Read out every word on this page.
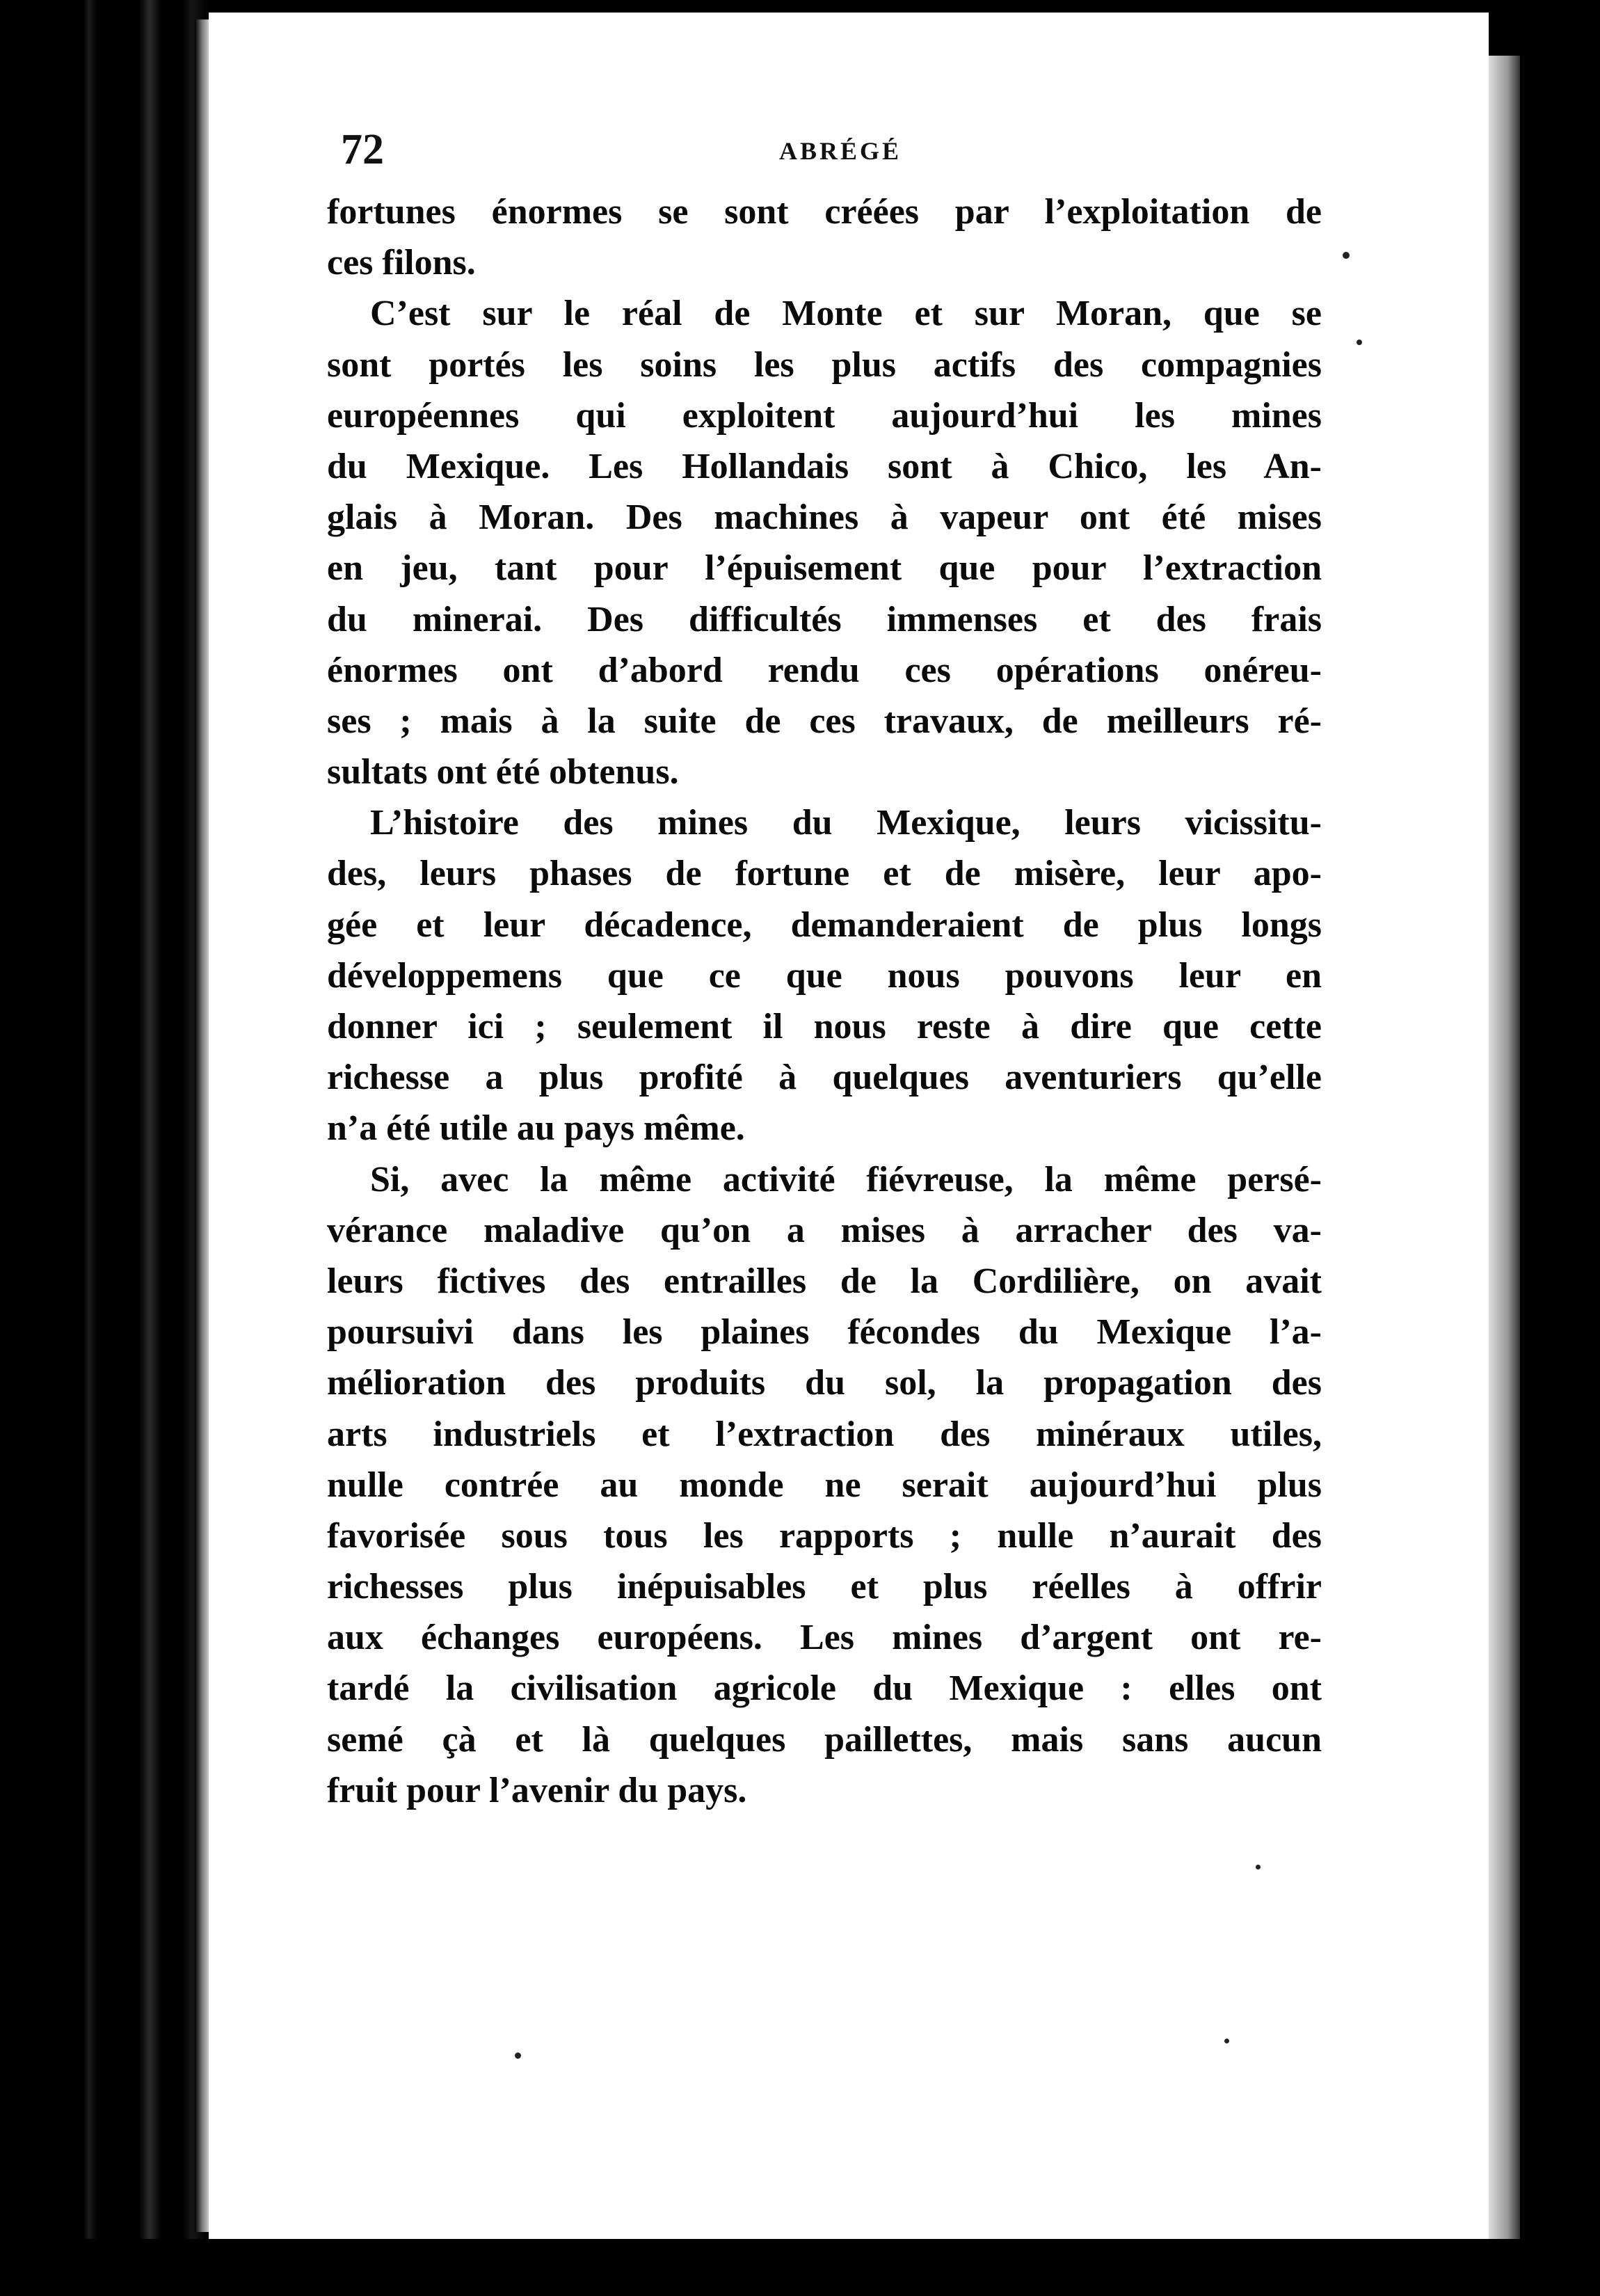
72	ABRÉGÉ
fortunes énormes se sont créées par l’exploitation de
ces filons.
C’est sur le réal de Monte et sur Moran, que se
sont portés les soins les plus actifs des compagnies
européennes qui exploitent aujourd’hui les mines
du Mexique. Les Hollandais sont à Chico, les An-
glais à Moran. Des machines à vapeur ont été mises
en jeu, tant pour l’épuisement que pour l’extraction
du minerai. Des difficultés immenses et des frais
énormes ont d’abord rendu ces opérations onéreu-
ses ; mais à la suite de ces travaux, de meilleurs ré-
sultats ont été obtenus.
L’histoire des mines du Mexique, leurs vicissitu-
des, leurs phases de fortune et de misère, leur apo-
gée et leur décadence, demanderaient de plus longs
développemens que ce que nous pouvons leur en
donner ici ; seulement il nous reste à dire que cette
richesse a plus profité à quelques aventuriers qu’elle
n’a été utile au pays même.
Si, avec la même activité fiévreuse, la même persé-
vérance maladive qu’on a mises à arracher des va-
leurs fictives des entrailles de la Cordilière, on avait
poursuivi dans les plaines fécondes du Mexique l’a-
mélioration des produits du sol, la propagation des
arts industriels et l’extraction des minéraux utiles,
nulle contrée au monde ne serait aujourd’hui plus
favorisée sous tous les rapports ; nulle n’aurait des
richesses plus inépuisables et plus réelles à offrir
aux échanges européens. Les mines d’argent ont re-
tardé la civilisation agricole du Mexique : elles ont
semé çà et là quelques paillettes, mais sans aucun
fruit pour l’avenir du pays.
